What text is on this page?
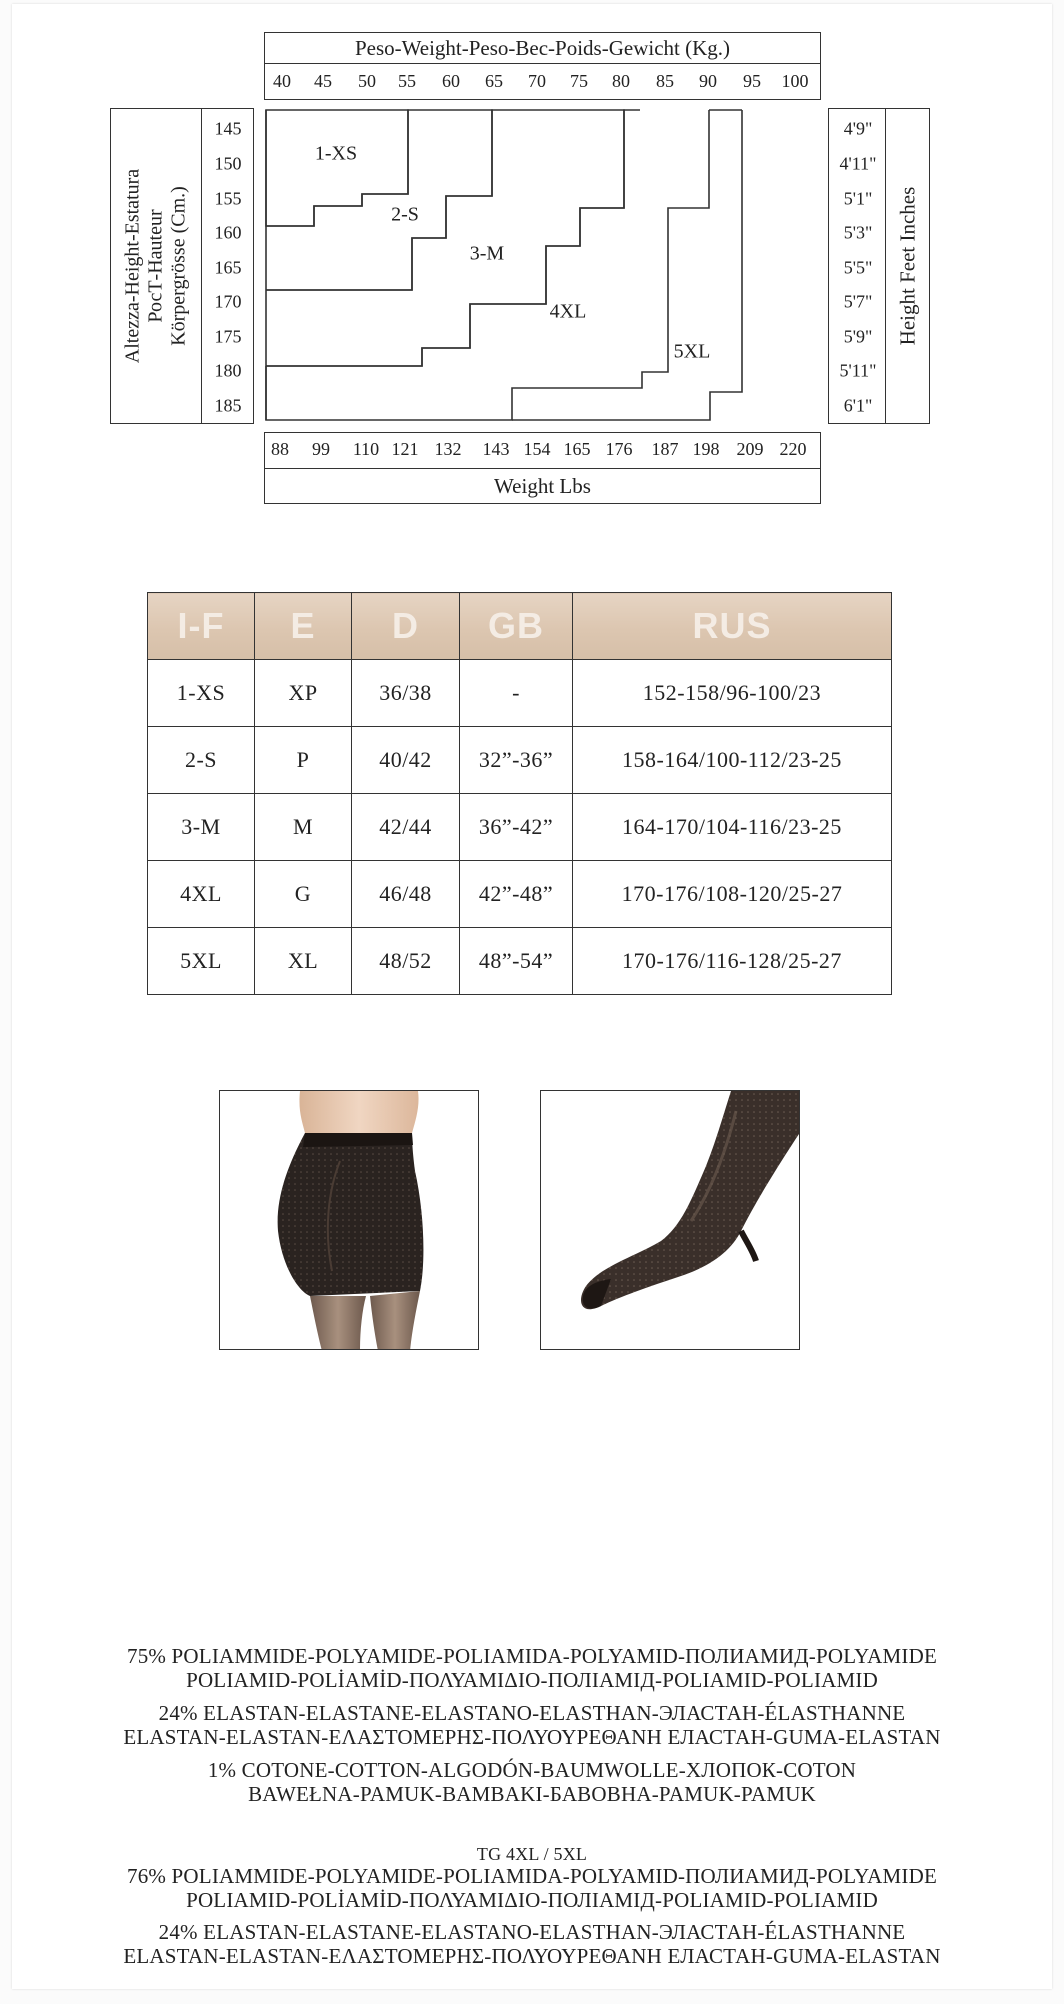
Peso-Weight-Peso-Bec-Poids-Gewicht (Kg.)
40 45 50 55 60 65 70 75 80 85 90 95 100
Altezza-Height-Estatura РосТ-Hauteur Körpergrösse (Cm.)
145
150
155
160
165
170
175
180
185
1-XS
2-S
3-M
4XL
5XL
4'9"
4'11"
5'1"
5'3"
5'5"
5'7"
5'9"
5'11"
6'1"
Height Feet Inches
88 99 110 121 132 143 154 165 176 187 198 209 220
Weight Lbs
I-F	E	D	GB	RUS
1-XS	XP	36/38	-	152-158/96-100/23
2-S	P	40/42	32”-36”	158-164/100-112/23-25
3-M	M	42/44	36”-42”	164-170/104-116/23-25
4XL	G	46/48	42”-48”	170-176/108-120/25-27
5XL	XL	48/52	48”-54”	170-176/116-128/25-27
75% POLIAMMIDE-POLYAMIDE-POLIAMIDA-POLYAMID-ПОЛИАМИД-POLYAMIDE
POLIAMID-POLİAMİD-ΠΟΛΥΑΜΙΔΙΟ-ПОЛІАМІД-POLIAMID-POLIAMID
24% ELASTAN-ELASTANE-ELASTANO-ELASTHAN-ЭЛАСТАН-ÉLASTHANNE
ELASTAN-ELASTAN-ΕΛΑΣΤΟΜΕΡΗΣ-ΠΟΛΥΟΥΡΕΘΑΝΗ ЕЛАСТАН-GUMA-ELASTAN
1% COTONE-COTTON-ALGODÓN-BAUMWOLLE-ХЛОПОК-COTON
BAWEŁNA-PAMUK-BAMBAKI-БАВОВНА-PAMUK-PAMUK
TG 4XL / 5XL
76% POLIAMMIDE-POLYAMIDE-POLIAMIDA-POLYAMID-ПОЛИАМИД-POLYAMIDE
POLIAMID-POLİAMİD-ΠΟΛΥΑΜΙΔΙΟ-ПОЛІАМІД-POLIAMID-POLIAMID
24% ELASTAN-ELASTANE-ELASTANO-ELASTHAN-ЭЛАСТАН-ÉLASTHANNE
ELASTAN-ELASTAN-ΕΛΑΣΤΟΜΕΡΗΣ-ΠΟΛΥΟΥΡΕΘΑΝΗ ЕЛАСТАН-GUMA-ELASTAN
